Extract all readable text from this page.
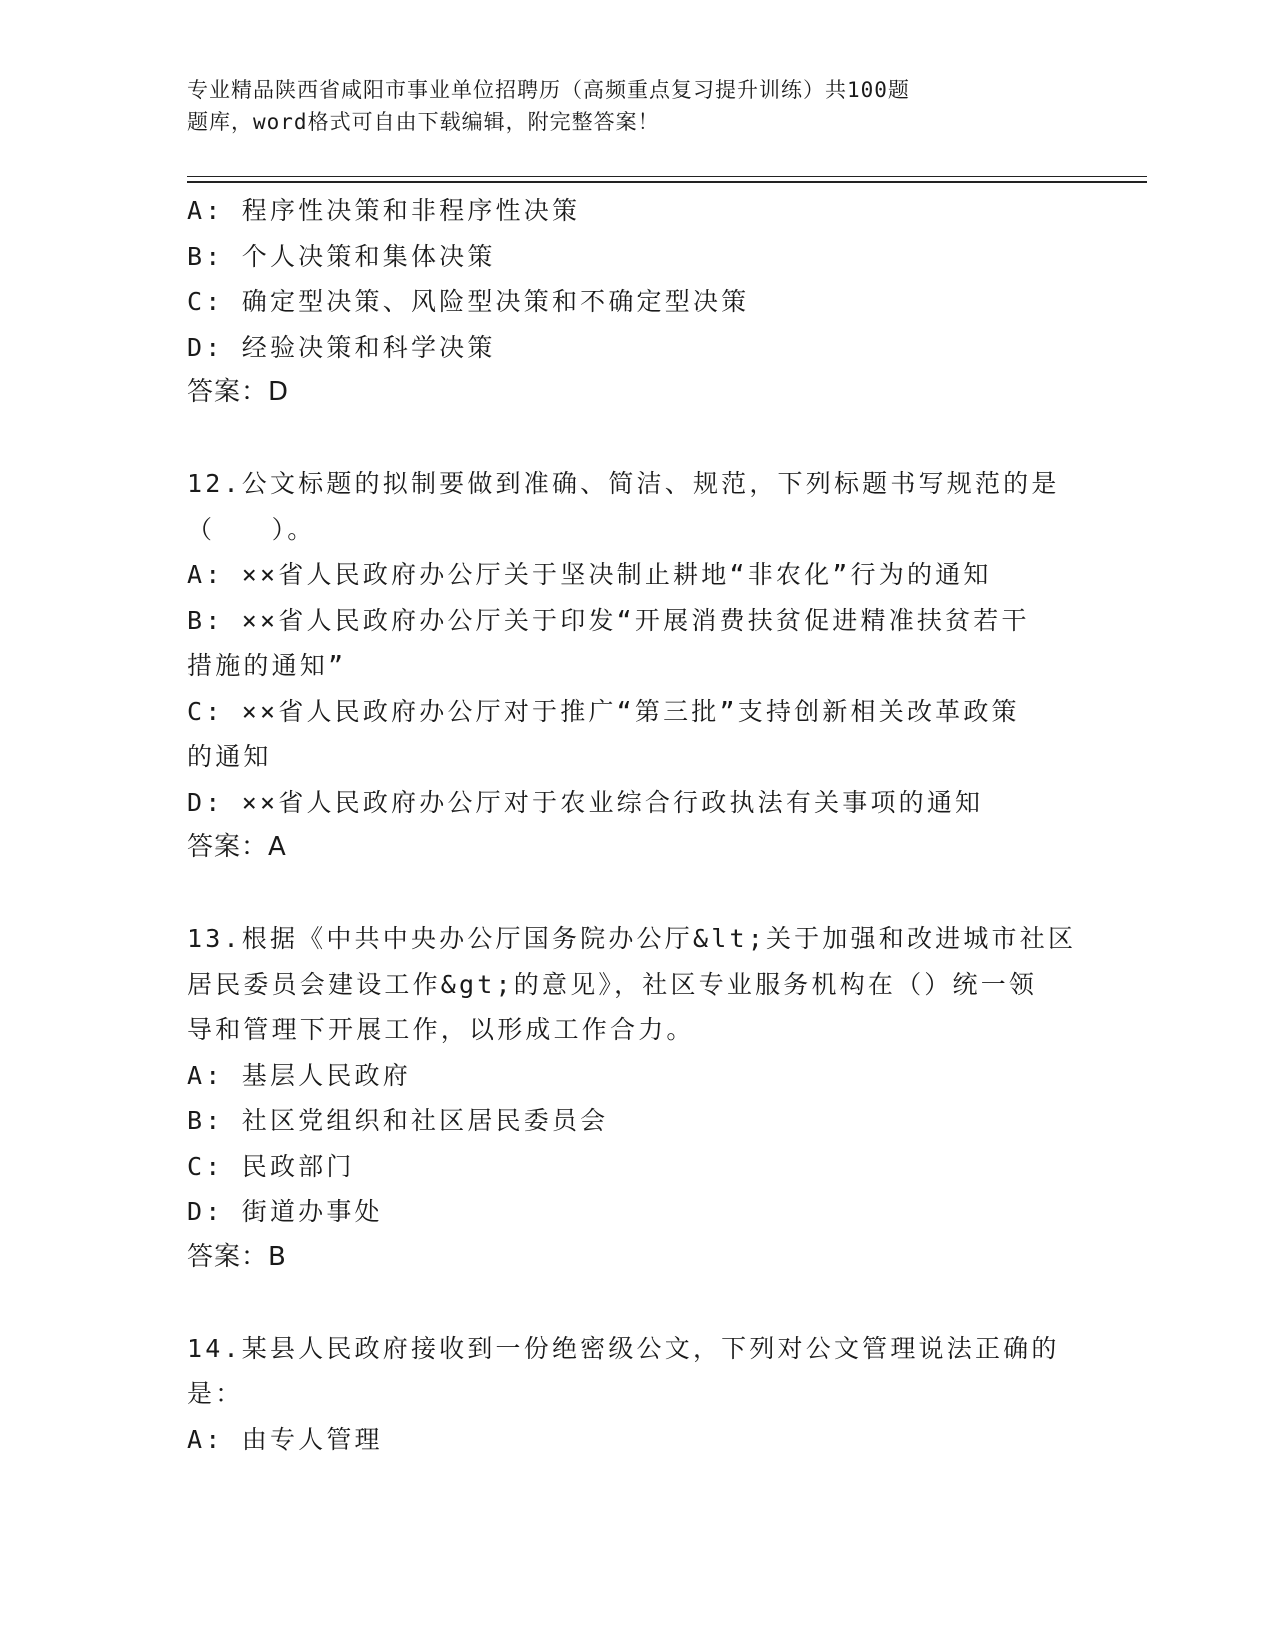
专业精品陕西省咸阳市事业单位招聘历（高频重点复习提升训练）共100题
题库，word格式可自由下载编辑，附完整答案！
A: 程序性决策和非程序性决策
B: 个人决策和集体决策
C: 确定型决策、风险型决策和不确定型决策
D: 经验决策和科学决策
答案：D
12.公文标题的拟制要做到准确、简洁、规范，下列标题书写规范的是
（　　）。
A: ××省人民政府办公厅关于坚决制止耕地“非农化”行为的通知
B: ××省人民政府办公厅关于印发“开展消费扶贫促进精准扶贫若干
措施的通知”
C: ××省人民政府办公厅对于推广“第三批”支持创新相关改革政策
的通知
D: ××省人民政府办公厅对于农业综合行政执法有关事项的通知
答案：A
13.根据《中共中央办公厅国务院办公厅&lt;关于加强和改进城市社区
居民委员会建设工作&gt;的意见》，社区专业服务机构在（）统一领
导和管理下开展工作，以形成工作合力。
A: 基层人民政府
B: 社区党组织和社区居民委员会
C: 民政部门
D: 街道办事处
答案：B
14.某县人民政府接收到一份绝密级公文，下列对公文管理说法正确的
是：
A: 由专人管理
